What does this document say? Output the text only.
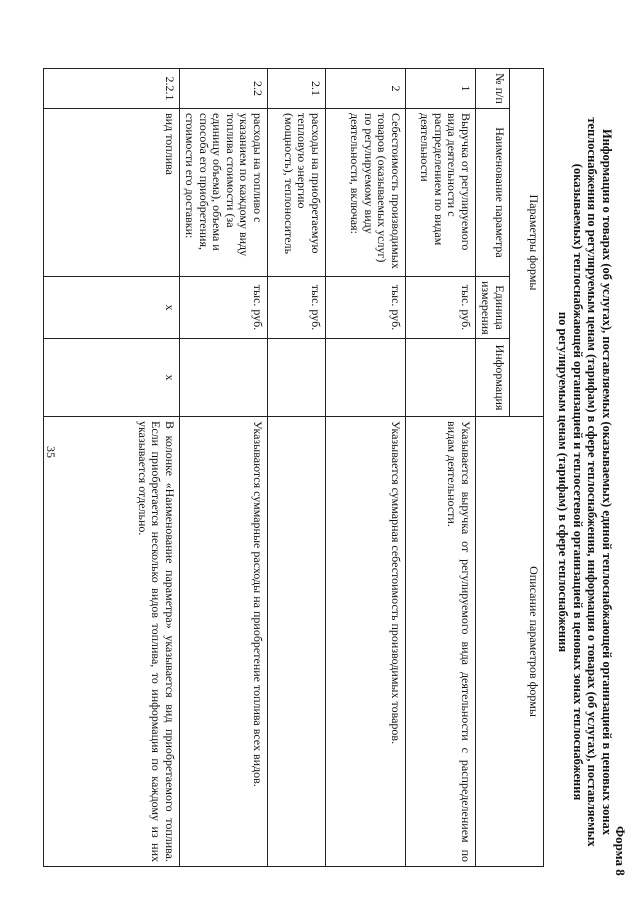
Форма 8
Информация о товарах (об услугах), поставляемых (оказываемых) единой теплоснабжающей организацией в ценовых зонах
теплоснабжения по регулируемым ценам (тарифам) в сфере теплоснабжения, информация о товарах (об услугах), поставляемых
(оказываемых) теплоснабжающей организацией и теплосетевой организацией в ценовых зонах теплоснабжения
по регулируемым ценам (тарифам) в сфере теплоснабжения
Параметры формы				Описание параметров формы
№ п/п	Наименование параметра	Единица измерения	Информация	
1	Выручка от регулируемого вида деятельности с распределением по видам деятельности	тыс. руб.		Указывается выручка от регулируемого вида деятельности с распределением по видам деятельности.
2	Себестоимость производимых товаров (оказываемых услуг) по регулируемому виду деятельности, включая:	тыс. руб.		Указывается суммарная себестоимость производимых товаров.
2.1	расходы на приобретаемую тепловую энергию (мощность), теплоноситель	тыс. руб.		
2.2	расходы на топливо с указанием по каждому виду топлива стоимости (за единицу объема), объема и способа его приобретения, стоимости его доставки:	тыс. руб.		Указываются суммарные расходы на приобретение топлива всех видов.
2.2.1	вид топлива	x	x	В колонке «Наименование параметра» указывается вид приобретаемого топлива. Если приобретается несколько видов топлива, то информация по каждому из них указывается отдельно.
35
